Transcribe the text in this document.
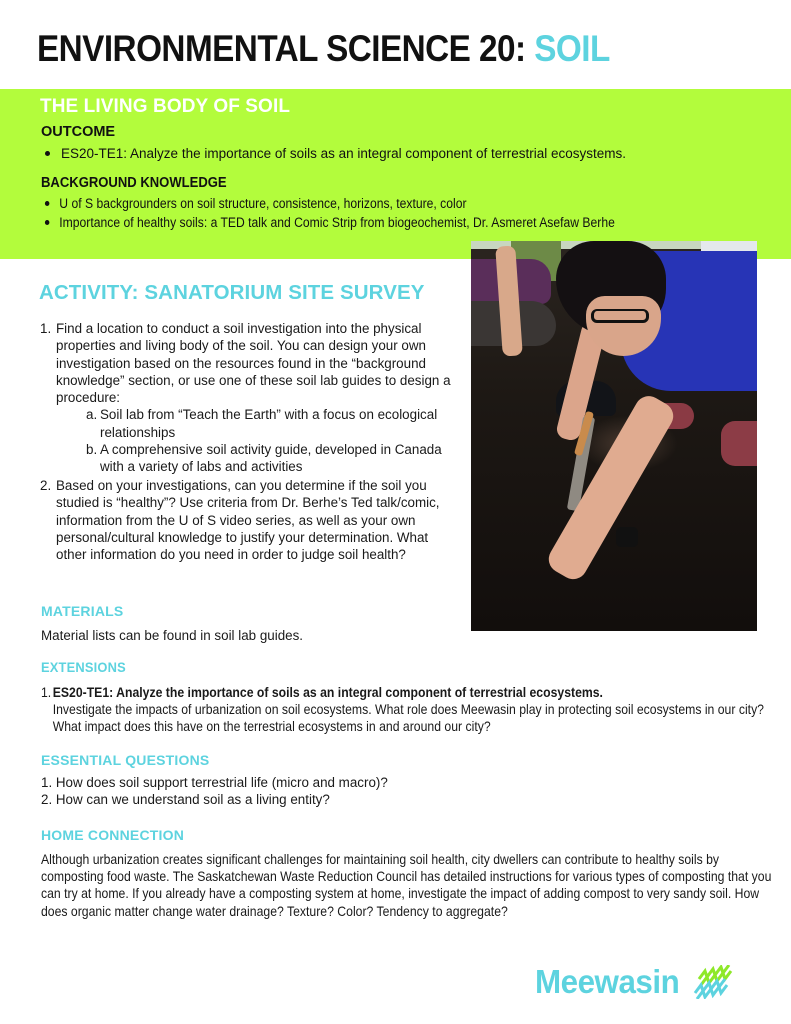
ENVIRONMENTAL SCIENCE 20: SOIL
THE LIVING BODY OF SOIL
OUTCOME
ES20-TE1: Analyze the importance of soils as an integral component of terrestrial ecosystems.
BACKGROUND KNOWLEDGE
U of S backgrounders on soil structure, consistence, horizons, texture, color
Importance of healthy soils: a TED talk and Comic Strip from biogeochemist, Dr. Asmeret Asefaw Berhe
ACTIVITY: SANATORIUM SITE SURVEY
1. Find a location to conduct a soil investigation into the physical properties and living body of the soil. You can design your own investigation based on the resources found in the “background knowledge” section, or use one of these soil lab guides to design a procedure:
a. Soil lab from “Teach the Earth” with a focus on ecological relationships
b. A comprehensive soil activity guide, developed in Canada with a variety of labs and activities
2. Based on your investigations, can you determine if the soil you studied is “healthy”? Use criteria from Dr. Berhe’s Ted talk/comic, information from the U of S video series, as well as your own personal/cultural knowledge to justify your determination. What other information do you need in order to judge soil health?
MATERIALS

Material lists can be found in soil lab guides.

EXTENSIONS
1. ES20-TE1: Analyze the importance of soils as an integral component of terrestrial ecosystems.
Investigate the impacts of urbanization on soil ecosystems. What role does Meewasin play in protecting soil ecosystems in our city? What impact does this have on the terrestrial ecosystems in and around our city?
ESSENTIAL QUESTIONS
1. How does soil support terrestrial life (micro and macro)?
2. How can we understand soil as a living entity?
HOME CONNECTION

Although urbanization creates significant challenges for maintaining soil health, city dwellers can contribute to healthy soils by composting food waste. The Saskatchewan Waste Reduction Council has detailed instructions for various types of composting that you can try at home. If you already have a composting system at home, investigate the impact of adding compost to very sandy soil. How does organic matter change water drainage? Texture? Color? Tendency to aggregate?

Meewasin
